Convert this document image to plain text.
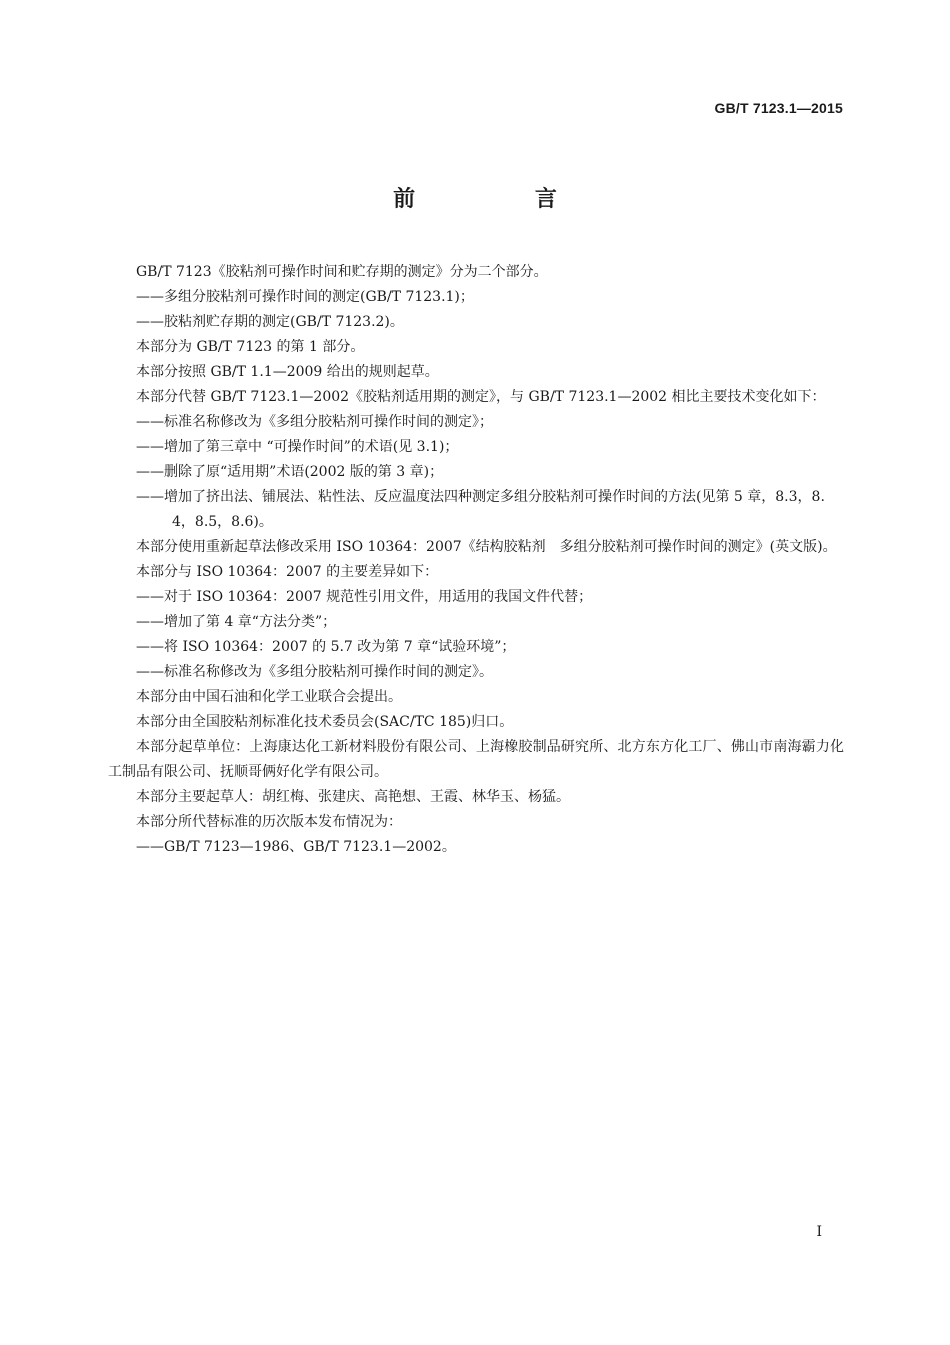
GB/T 7123.1—2015
前 言

GB/T 7123《胶粘剂可操作时间和贮存期的测定》分为二个部分。

——多组分胶粘剂可操作时间的测定(GB/T 7123.1)；

——胶粘剂贮存期的测定(GB/T 7123.2)。

本部分为 GB/T 7123 的第 1 部分。

本部分按照 GB/T 1.1—2009 给出的规则起草。

本部分代替 GB/T 7123.1—2002《胶粘剂适用期的测定》，与 GB/T 7123.1—2002 相比主要技术变化如下：

——标准名称修改为《多组分胶粘剂可操作时间的测定》；

——增加了第三章中 “可操作时间”的术语(见 3.1)；

——删除了原“适用期”术语(2002 版的第 3 章)；

——增加了挤出法、铺展法、粘性法、反应温度法四种测定多组分胶粘剂可操作时间的方法(见第 5 章，8.3，8.4，8.5，8.6)。

本部分使用重新起草法修改采用 ISO 10364：2007《结构胶粘剂　多组分胶粘剂可操作时间的测定》(英文版)。

本部分与 ISO 10364：2007 的主要差异如下：

——对于 ISO 10364：2007 规范性引用文件，用适用的我国文件代替；

——增加了第 4 章“方法分类”；

——将 ISO 10364：2007 的 5.7 改为第 7 章“试验环境”；

——标准名称修改为《多组分胶粘剂可操作时间的测定》。

本部分由中国石油和化学工业联合会提出。

本部分由全国胶粘剂标准化技术委员会(SAC/TC 185)归口。

本部分起草单位：上海康达化工新材料股份有限公司、上海橡胶制品研究所、北方东方化工厂、佛山市南海霸力化工制品有限公司、抚顺哥俩好化学有限公司。

本部分主要起草人：胡红梅、张建庆、高艳想、王霞、林华玉、杨猛。

本部分所代替标准的历次版本发布情况为：

——GB/T 7123—1986、GB/T 7123.1—2002。

I
